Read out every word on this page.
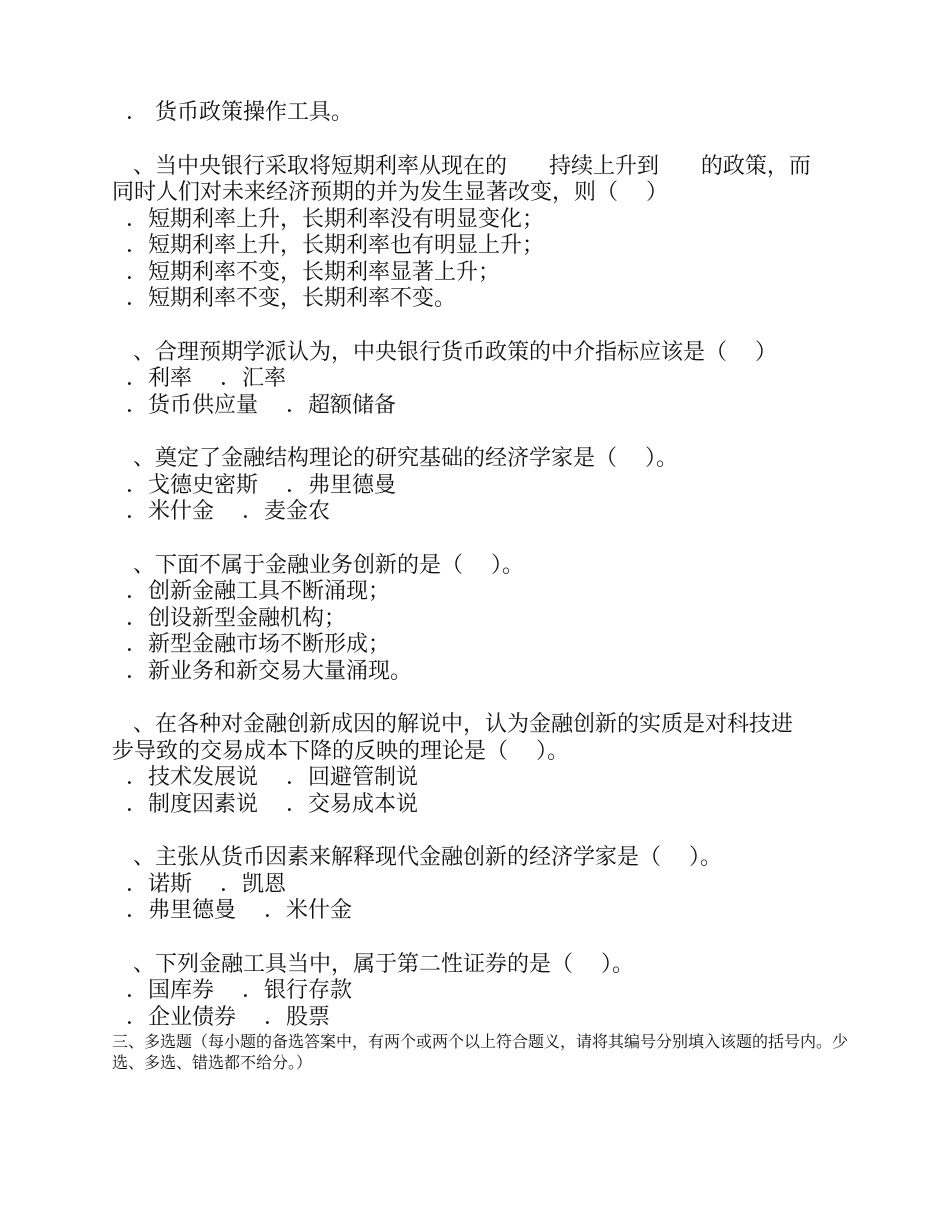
． 货币政策操作工具。
、当中央银行采取将短期利率从现在的      持续上升到      的政策，而
同时人们对未来经济预期的并为发生显著改变，则（    ）
．短期利率上升，长期利率没有明显变化；
．短期利率上升，长期利率也有明显上升；
．短期利率不变，长期利率显著上升；
．短期利率不变，长期利率不变。
、合理预期学派认为，中央银行货币政策的中介指标应该是（    ）
．利率    ．汇率
．货币供应量    ．超额储备
、奠定了金融结构理论的研究基础的经济学家是（    ）。
．戈德史密斯    ．弗里德曼
．米什金    ．麦金农
、下面不属于金融业务创新的是（    ）。
．创新金融工具不断涌现；
．创设新型金融机构；
．新型金融市场不断形成；
．新业务和新交易大量涌现。
、在各种对金融创新成因的解说中，认为金融创新的实质是对科技进
步导致的交易成本下降的反映的理论是（    ）。
．技术发展说    ．回避管制说
．制度因素说    ．交易成本说
、主张从货币因素来解释现代金融创新的经济学家是（    ）。
．诺斯    ．凯恩
．弗里德曼    ．米什金
、下列金融工具当中，属于第二性证券的是（    ）。
．国库券    ．银行存款
．企业债券    ．股票
三、多选题（每小题的备选答案中，有两个或两个以上符合题义，请将其编号分别填入该题的括号内。少选、多选、错选都不给分。）
